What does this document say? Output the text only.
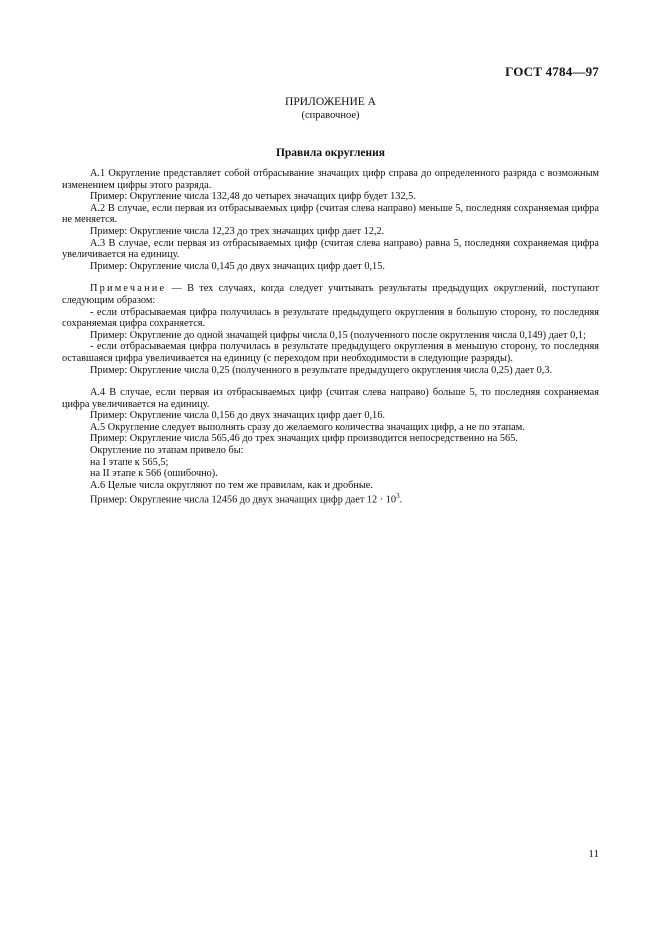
ГОСТ 4784—97
ПРИЛОЖЕНИЕ А
(справочное)
Правила округления

А.1 Округление представляет собой отбрасывание значащих цифр справа до определенного разряда с возможным изменением цифры этого разряда.

Пример: Округление числа 132,48 до четырех значащих цифр будет 132,5.

А.2 В случае, если первая из отбрасываемых цифр (считая слева направо) меньше 5, последняя сохраняемая цифра не меняется.

Пример: Округление числа 12,23 до трех значащих цифр дает 12,2.

А.3 В случае, если первая из отбрасываемых цифр (считая слева направо) равна 5, последняя сохраняемая цифра увеличивается на единицу.

Пример: Округление числа 0,145 до двух значащих цифр дает 0,15.

Примечание — В тех случаях, когда следует учитывать результаты предыдущих округлений, поступают следующим образом:

- если отбрасываемая цифра получилась в результате предыдущего округления в большую сторону, то последняя сохраняемая цифра сохраняется.

Пример: Округление до одной значащей цифры числа 0,15 (полученного после округления числа 0,149) дает 0,1;

- если отбрасываемая цифра получилась в результате предыдущего округления в меньшую сторону, то последняя оставшаяся цифра увеличивается на единицу (с переходом при необходимости в следующие разряды).

Пример: Округление числа 0,25 (полученного в результате предыдущего округления числа 0,25) дает 0,3.

А.4 В случае, если первая из отбрасываемых цифр (считая слева направо) больше 5, то последняя сохраняемая цифра увеличивается на единицу.

Пример: Округление числа 0,156 до двух значащих цифр дает 0,16.

А.5 Округление следует выполнять сразу до желаемого количества значащих цифр, а не по этапам.

Пример: Округление числа 565,46 до трех значащих цифр производится непосредственно на 565.

Округление по этапам привело бы:

на I этапе к 565,5;

на II этапе к 566 (ошибочно).

А.6 Целые числа округляют по тем же правилам, как и дробные.

Пример: Округление числа 12456 до двух значащих цифр дает $12 \cdot 10^3$.

11
